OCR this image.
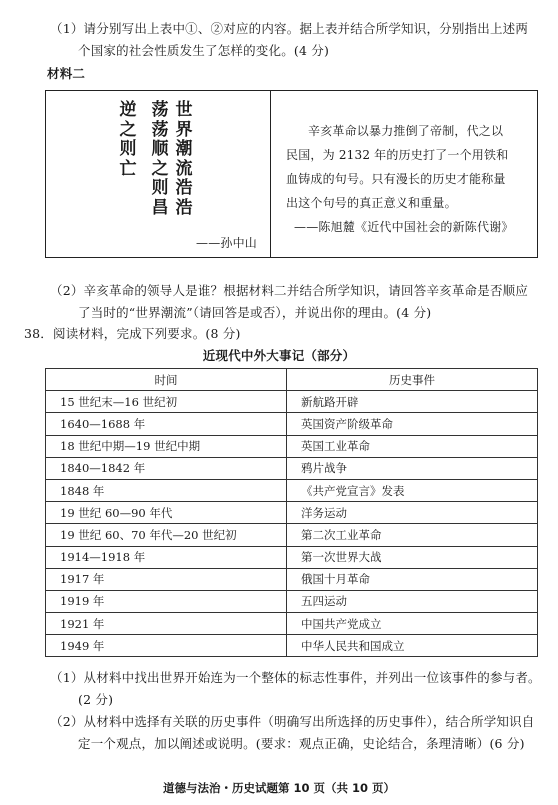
（1）请分别写出上表中①、②对应的内容。据上表并结合所学知识，分别指出上述两
个国家的社会性质发生了怎样的变化。(4 分)
材料二
世
界
潮
流
浩
浩
荡
荡
顺
之
则
昌
逆
之
则
亡
——孙中山
辛亥革命以暴力推倒了帝制，代之以
民国，为 2132 年的历史打了一个用铁和
血铸成的句号。只有漫长的历史才能称量
出这个句号的真正意义和重量。
——陈旭麓《近代中国社会的新陈代谢》
（2）辛亥革命的领导人是谁？根据材料二并结合所学知识，请回答辛亥革命是否顺应
了当时的“世界潮流”（请回答是或否），并说出你的理由。(4 分)
38．阅读材料，完成下列要求。(8 分)
近现代中外大事记（部分）
时间	历史事件
15 世纪末—16 世纪初	新航路开辟
1640—1688 年	英国资产阶级革命
18 世纪中期—19 世纪中期	英国工业革命
1840—1842 年	鸦片战争
1848 年	《共产党宣言》发表
19 世纪 60—90 年代	洋务运动
19 世纪 60、70 年代—20 世纪初	第二次工业革命
1914—1918 年	第一次世界大战
1917 年	俄国十月革命
1919 年	五四运动
1921 年	中国共产党成立
1949 年	中华人民共和国成立
（1）从材料中找出世界开始连为一个整体的标志性事件，并列出一位该事件的参与者。
(2 分)
（2）从材料中选择有关联的历史事件（明确写出所选择的历史事件），结合所学知识自
定一个观点，加以阐述或说明。(要求：观点正确，史论结合，条理清晰）(6 分)
道德与法治・历史试题第 10 页（共 10 页）
